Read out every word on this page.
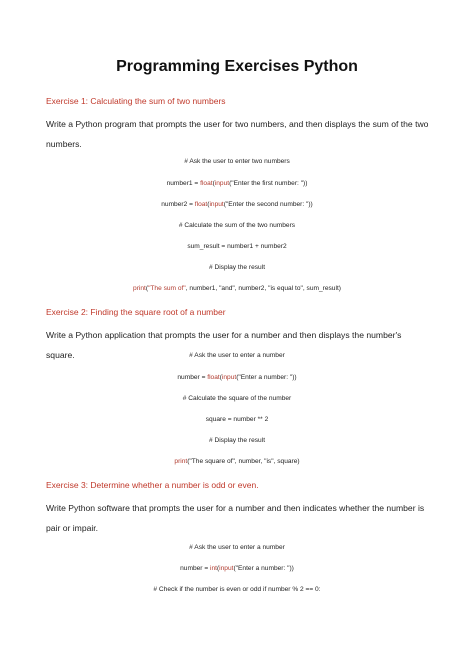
Programming Exercises Python
Exercise 1: Calculating the sum of two numbers
Write a Python program that prompts the user for two numbers, and then displays the sum of the two numbers.
# Ask the user to enter two numbers
number1 = float(input("Enter the first number: "))
number2 = float(input("Enter the second number: "))
# Calculate the sum of the two numbers
sum_result = number1 + number2
# Display the result
print("The sum of", number1, "and", number2, "is equal to", sum_result)
Exercise 2: Finding the square root of a number
Write a Python application that prompts the user for a number and then displays the number's square.	# Ask the user to enter a number
number = float(input("Enter a number: "))
# Calculate the square of the number
square = number ** 2
# Display the result
print("The square of", number, "is", square)
Exercise 3: Determine whether a number is odd or even.
Write Python software that prompts the user for a number and then indicates whether the number is pair or impair.
# Ask the user to enter a number
number = int(input("Enter a number: "))
# Check if the number is even or odd if number % 2 == 0:
